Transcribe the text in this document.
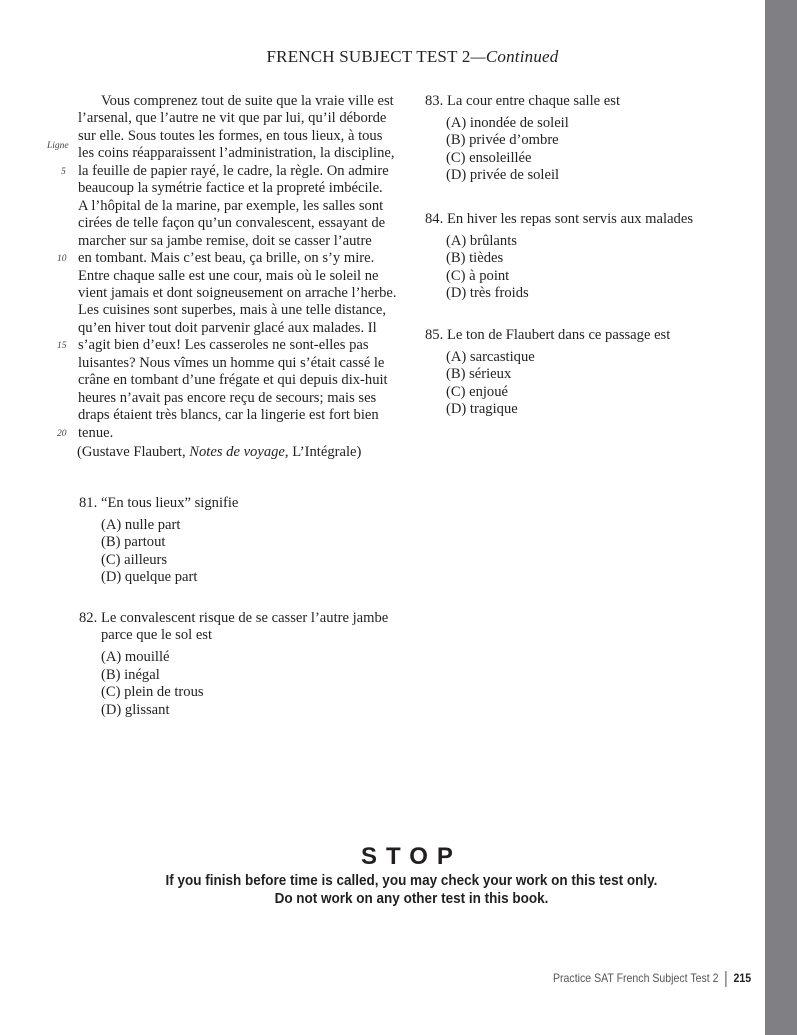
FRENCH SUBJECT TEST 2—Continued
Vous comprenez tout de suite que la vraie ville est
l’arsenal, que l’autre ne vit que par lui, qu’il déborde
sur elle. Sous toutes les formes, en tous lieux, à tous
les coins réapparaissent l’administration, la discipline,
la feuille de papier rayé, le cadre, la règle. On admire
beaucoup la symétrie factice et la propreté imbécile.
A l’hôpital de la marine, par exemple, les salles sont
cirées de telle façon qu’un convalescent, essayant de
marcher sur sa jambe remise, doit se casser l’autre
en tombant. Mais c’est beau, ça brille, on s’y mire.
Entre chaque salle est une cour, mais où le soleil ne
vient jamais et dont soigneusement on arrache l’herbe.
Les cuisines sont superbes, mais à une telle distance,
qu’en hiver tout doit parvenir glacé aux malades. Il
s’agit bien d’eux! Les casseroles ne sont-elles pas
luisantes? Nous vîmes un homme qui s’était cassé le
crâne en tombant d’une frégate et qui depuis dix-huit
heures n’avait pas encore reçu de secours; mais ses
draps étaient très blancs, car la lingerie est fort bien
tenue.
Ligne
5
10
15
20
(Gustave Flaubert, Notes de voyage, L’Intégrale)
81. “En tous lieux” signifie
(A) nulle part
(B) partout
(C) ailleurs
(D) quelque part
82. Le convalescent risque de se casser l’autre jambe
parce que le sol est
(A) mouillé
(B) inégal
(C) plein de trous
(D) glissant
83. La cour entre chaque salle est
(A) inondée de soleil
(B) privée d’ombre
(C) ensoleillée
(D) privée de soleil
84. En hiver les repas sont servis aux malades
(A) brûlants
(B) tièdes
(C) à point
(D) très froids
85. Le ton de Flaubert dans ce passage est
(A) sarcastique
(B) sérieux
(C) enjoué
(D) tragique
STOP
If you finish before time is called, you may check your work on this test only.
Do not work on any other test in this book.
Practice SAT French Subject Test 2 215
